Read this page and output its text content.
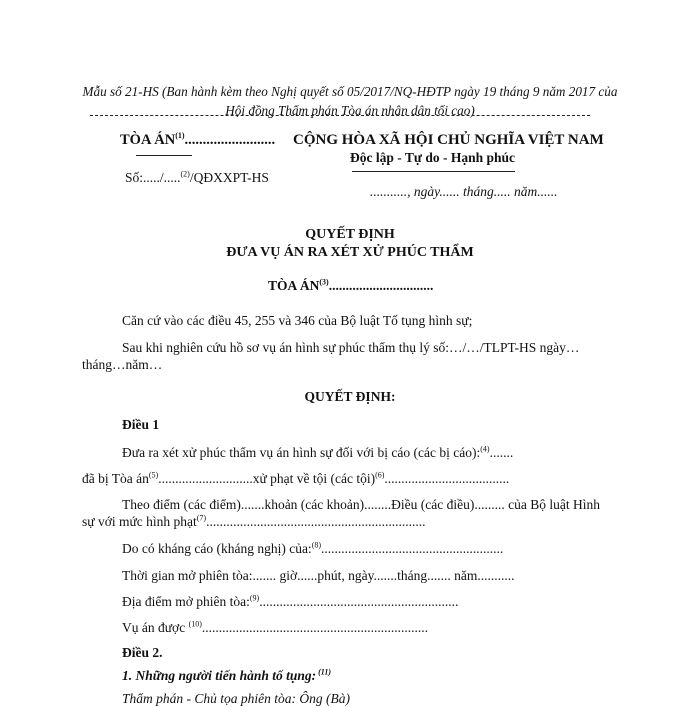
Mẫu số 21-HS (Ban hành kèm theo Nghị quyết số 05/2017/NQ-HĐTP ngày 19 tháng 9 năm 2017 của
Hội đồng Thẩm phán Tòa án nhân dân tối cao)
TÒA ÁN$^{(1)}$......................... CỘNG HÒA XÃ HỘI CHỦ NGHĨA VIỆT NAM
Độc lập - Tự do - Hạnh phúc
Số:...../.....$^{(2)}$/QĐXXPT-HS
..........., ngày...... tháng..... năm......
QUYẾT ĐỊNH
ĐƯA VỤ ÁN RA XÉT XỬ PHÚC THẨM
TÒA ÁN$^{(3)}$...............................
Căn cứ vào các điều 45, 255 và 346 của Bộ luật Tố tụng hình sự;
Sau khi nghiên cứu hồ sơ vụ án hình sự phúc thẩm thụ lý số:…/…/TLPT-HS ngày…
tháng…năm…
QUYẾT ĐỊNH:
Điều 1
Đưa ra xét xử phúc thẩm vụ án hình sự đối với bị cáo (các bị cáo):$^{(4)}$.......
đã bị Tòa $án^{(5)}............................xử$ phạt về tội (các tội)$^{(6)}$.....................................
Theo điểm (các điểm).......khoản (các khoản)........Điều (các điều)......... của Bộ luật Hình
sự với mức hình phạt$^{(7)}$.................................................................
Do có kháng cáo (kháng nghị) của:$^{(8)}$......................................................
Thời gian mở phiên tòa:....... giờ......phút, ngày.......tháng....... năm...........
Địa điểm mở phiên tòa:$^{(9)}$...........................................................
Vụ án được $^{(10)}$...................................................................
Điều 2.
1. Những người tiến hành tố tụng: $^{(11)}$
Thẩm phán - Chủ tọa phiên tòa: Ông (Bà)
